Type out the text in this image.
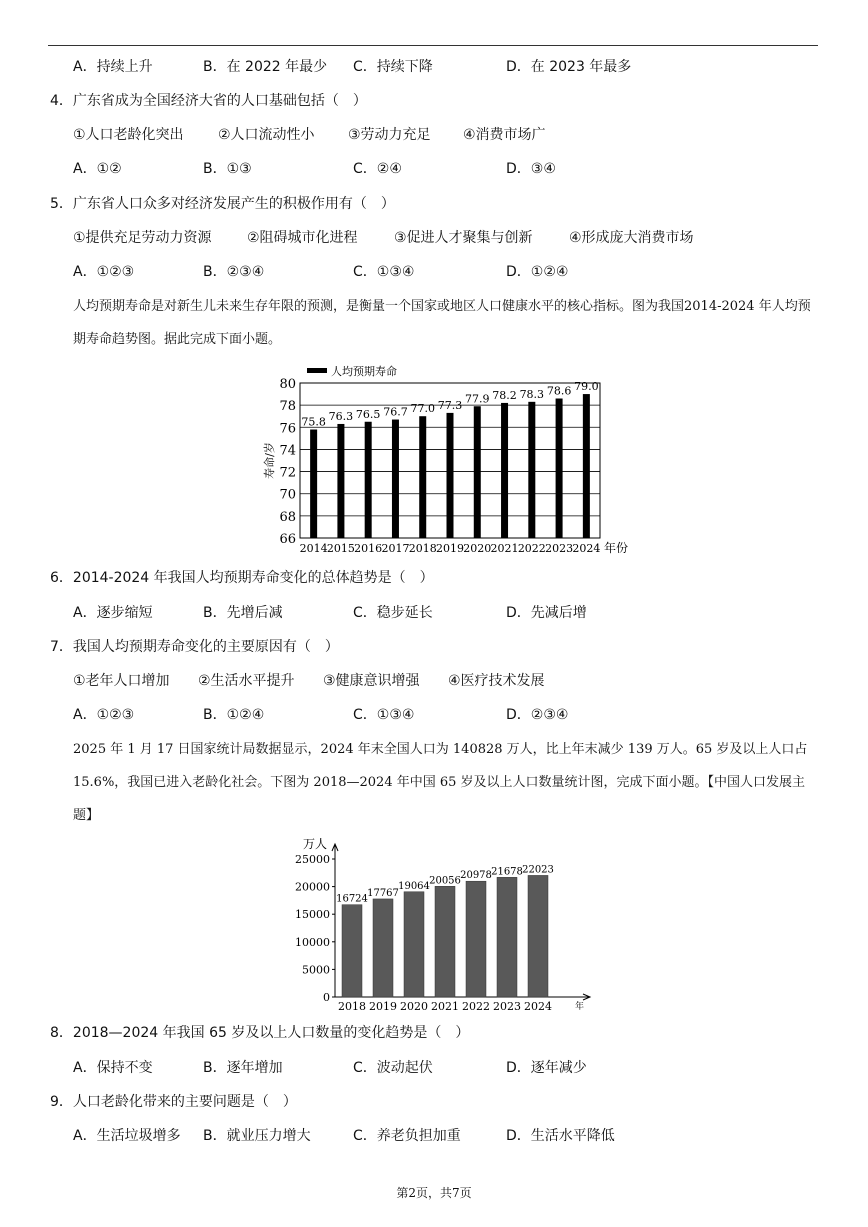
A．持续上升	B．在 2022 年最少 C．持续下降	D．在 2023 年最多
4．广东省成为全国经济大省的人口基础包括（　）
①人口老龄化突出 ②人口流动性小 ③劳动力充足 ④消费市场广
A．①②	B．①③	C．②④	D．③④
5．广东省人口众多对经济发展产生的积极作用有（　）
①提供充足劳动力资源	②阻碍城市化进程	③促进人才聚集与创新	④形成庞大消费市场
A．①②③	B．②③④	C．①③④	D．①②④
人均预期寿命是对新生儿未来生存年限的预测，是衡量一个国家或地区人口健康水平的核心指标。图为我国2014-2024 年人均预期寿命趋势图。据此完成下面小题。
66
68
70
72
74
76
78
80
人均预期寿命
75.8
2014
76.3
2015
76.5
2016
76.7
2017
77.0
2018
77.3
2019
77.9
2020
78.2
2021
78.3
2022
78.6
2023
79.0
2024 年份
寿命/岁
6．2014-2024 年我国人均预期寿命变化的总体趋势是（　）
A．逐步缩短	B．先增后减	C．稳步延长	D．先减后增
7．我国人均预期寿命变化的主要原因有（　）
①老年人口增加 ②生活水平提升 ③健康意识增强 ④医疗技术发展
A．①②③	B．①②④	C．①③④	D．②③④
2025 年 1 月 17 日国家统计局数据显示，2024 年末全国人口为 140828 万人，比上年末减少 139 万人。65 岁及以上人口占 15.6%，我国已进入老龄化社会。下图为 2018—2024 年中国 65 岁及以上人口数量统计图，完成下面小题。【中国人口发展主题】
0
5000
10000
15000
20000
25000
万人
16724
2018
17767
2019
19064
2020
20056
2021
20978
2022
21678
2023
22023
2024	年
8．2018—2024 年我国 65 岁及以上人口数量的变化趋势是（　）
A．保持不变	B．逐年增加	C．波动起伏	D．逐年减少
9．人口老龄化带来的主要问题是（　）
A．生活垃圾增多 B．就业压力增大	C．养老负担加重	D．生活水平降低
第2页，共7页
